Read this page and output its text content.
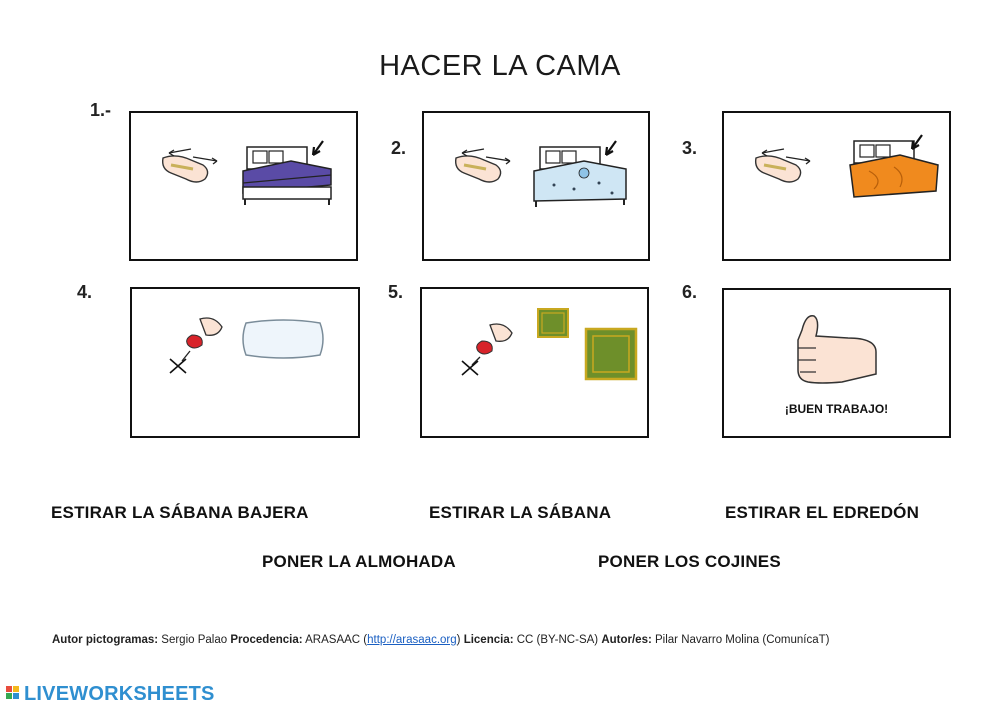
HACER LA CAMA
1.-
2.	3.
4.	5.	6.
¡BUEN TRABAJO!
ESTIRAR LA SÁBANA BAJERA	ESTIRAR LA SÁBANA	ESTIRAR EL EDREDÓN
PONER LA ALMOHADA	PONER LOS COJINES
Autor pictogramas: Sergio Palao Procedencia: ARASAAC (http://arasaac.org) Licencia: CC (BY-NC-SA) Autor/es: Pilar Navarro Molina (ComunícaT)
LIVEWORKSHEETS
